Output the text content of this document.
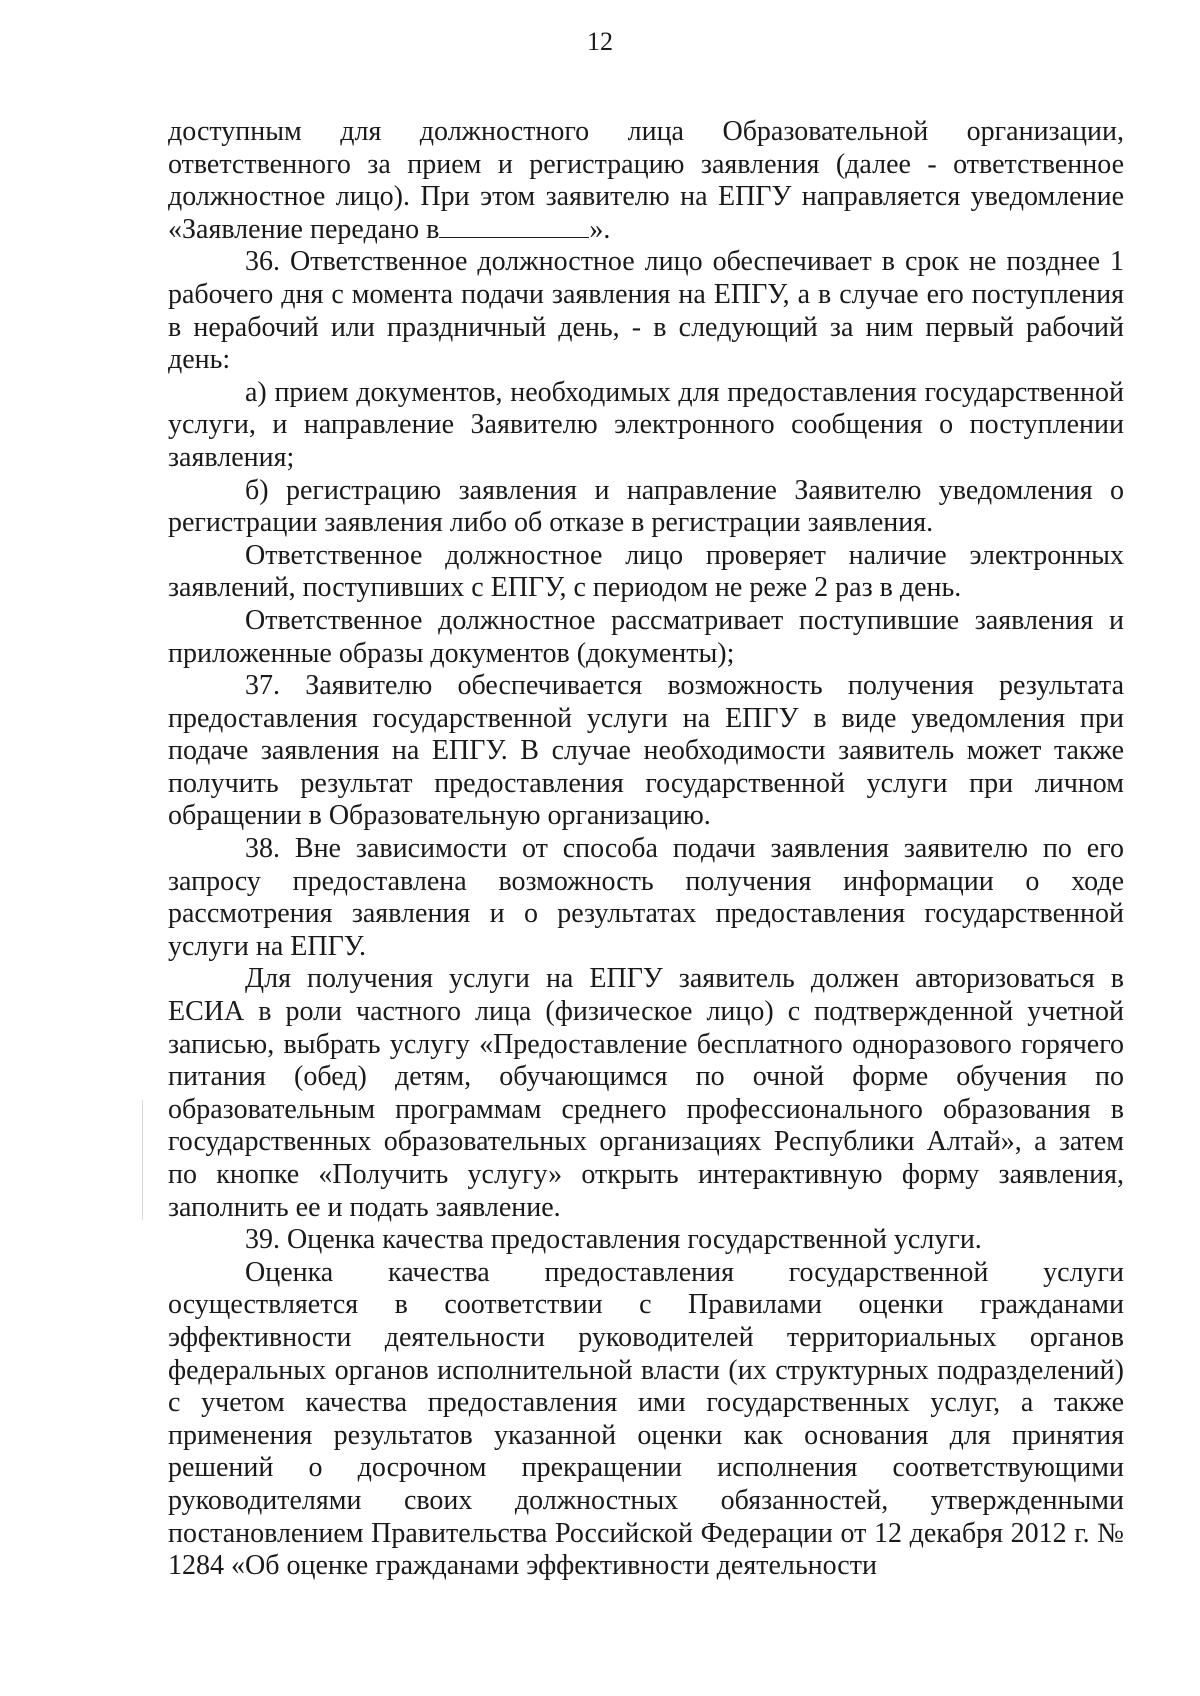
12

доступным для должностного лица Образовательной организации, ответственного за прием и регистрацию заявления (далее - ответственное должностное лицо). При этом заявителю на ЕПГУ направляется уведомление «Заявление передано в	».

36. Ответственное должностное лицо обеспечивает в срок не позднее 1 рабочего дня с момента подачи заявления на ЕПГУ, а в случае его поступления в нерабочий или праздничный день, - в следующий за ним первый рабочий день:

а) прием документов, необходимых для предоставления государственной услуги, и направление Заявителю электронного сообщения о поступлении заявления;

б) регистрацию заявления и направление Заявителю уведомления о регистрации заявления либо об отказе в регистрации заявления.

Ответственное должностное лицо проверяет наличие электронных заявлений, поступивших с ЕПГУ, с периодом не реже 2 раз в день.

Ответственное должностное рассматривает поступившие заявления и приложенные образы документов (документы);

37. Заявителю обеспечивается возможность получения результата предоставления государственной услуги на ЕПГУ в виде уведомления при подаче заявления на ЕПГУ. В случае необходимости заявитель может также получить результат предоставления государственной услуги при личном обращении в Образовательную организацию.

38. Вне зависимости от способа подачи заявления заявителю по его запросу предоставлена возможность получения информации о ходе рассмотрения заявления и о результатах предоставления государственной услуги на ЕПГУ.

Для получения услуги на ЕПГУ заявитель должен авторизоваться в ЕСИА в роли частного лица (физическое лицо) с подтвержденной учетной записью, выбрать услугу «Предоставление бесплатного одноразового горячего питания (обед) детям, обучающимся по очной форме обучения по образовательным программам среднего профессионального образования в государственных образовательных организациях Республики Алтай», а затем по кнопке «Получить услугу» открыть интерактивную форму заявления, заполнить ее и подать заявление.

39. Оценка качества предоставления государственной услуги.

Оценка качества предоставления государственной услуги осуществляется в соответствии с Правилами оценки гражданами эффективности деятельности руководителей территориальных органов федеральных органов исполнительной власти (их структурных подразделений) с учетом качества предоставления ими государственных услуг, а также применения результатов указанной оценки как основания для принятия решений о досрочном прекращении исполнения соответствующими руководителями своих должностных обязанностей, утвержденными постановлением Правительства Российской Федерации от 12 декабря 2012 г. № 1284 «Об оценке гражданами эффективности деятельности
